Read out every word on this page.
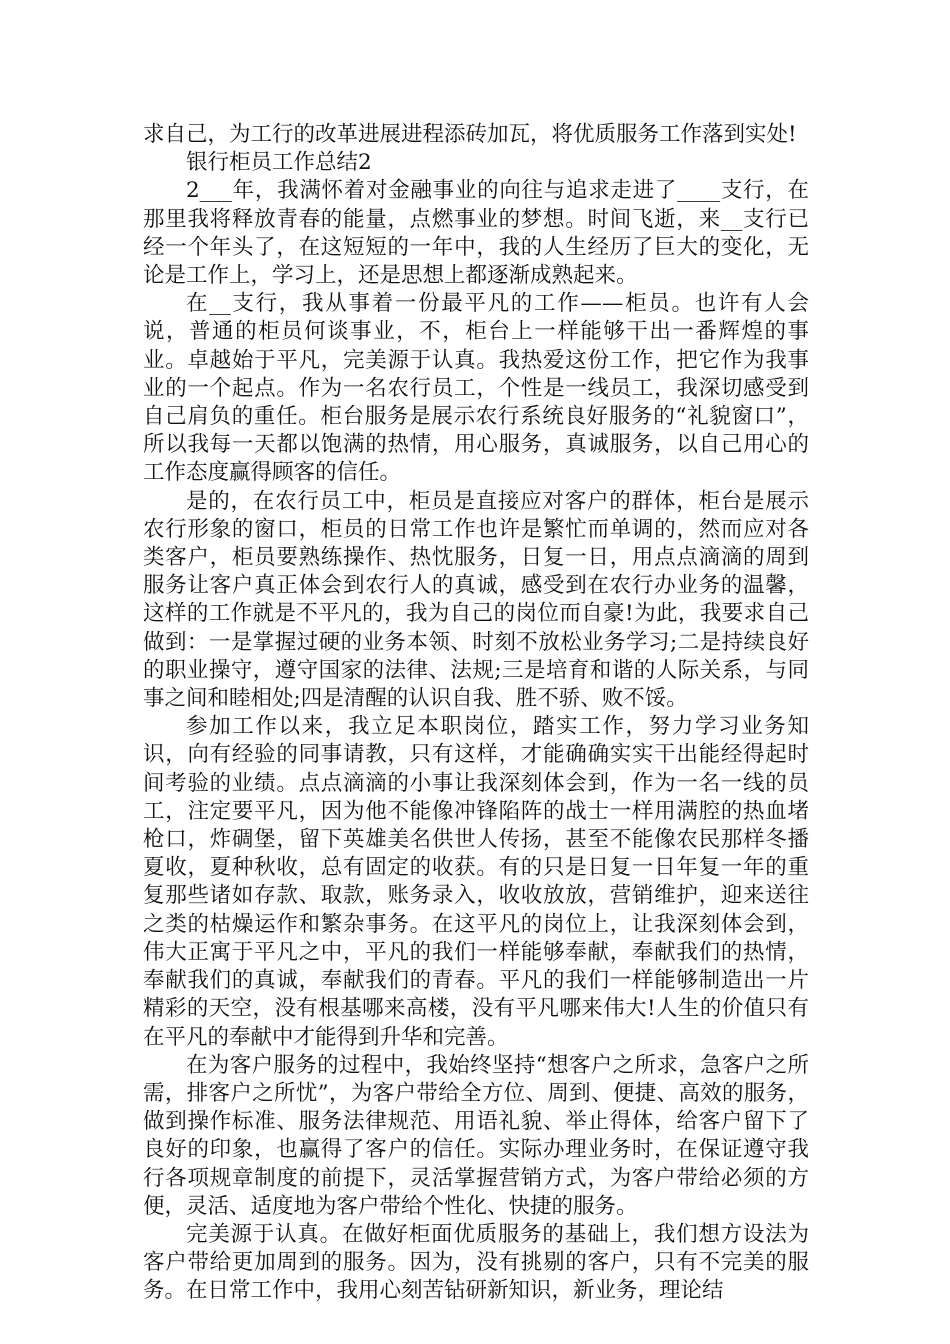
求自己，为工行的改革进展进程添砖加瓦，将优质服务工作落到实处!

银行柜员工作总结2

2___年，我满怀着对金融事业的向往与追求走进了____支行，在那里我将释放青春的能量，点燃事业的梦想。时间飞逝，来__支行已经一个年头了，在这短短的一年中，我的人生经历了巨大的变化，无论是工作上，学习上，还是思想上都逐渐成熟起来。

在__支行，我从事着一份最平凡的工作——柜员。也许有人会说，普通的柜员何谈事业，不，柜台上一样能够干出一番辉煌的事业。卓越始于平凡，完美源于认真。我热爱这份工作，把它作为我事业的一个起点。作为一名农行员工，个性是一线员工，我深切感受到自己肩负的重任。柜台服务是展示农行系统良好服务的“礼貌窗口”，所以我每一天都以饱满的热情，用心服务，真诚服务，以自己用心的工作态度赢得顾客的信任。

是的，在农行员工中，柜员是直接应对客户的群体，柜台是展示农行形象的窗口，柜员的日常工作也许是繁忙而单调的，然而应对各类客户，柜员要熟练操作、热忱服务，日复一日，用点点滴滴的周到服务让客户真正体会到农行人的真诚，感受到在农行办业务的温馨，这样的工作就是不平凡的，我为自己的岗位而自豪!为此，我要求自己做到：一是掌握过硬的业务本领、时刻不放松业务学习;二是持续良好的职业操守，遵守国家的法律、法规;三是培育和谐的人际关系，与同事之间和睦相处;四是清醒的认识自我、胜不骄、败不馁。

参加工作以来，我立足本职岗位，踏实工作，努力学习业务知识，向有经验的同事请教，只有这样，才能确确实实干出能经得起时间考验的业绩。点点滴滴的小事让我深刻体会到，作为一名一线的员工，注定要平凡，因为他不能像冲锋陷阵的战士一样用满腔的热血堵枪口，炸碉堡，留下英雄美名供世人传扬，甚至不能像农民那样冬播夏收，夏种秋收，总有固定的收获。有的只是日复一日年复一年的重复那些诸如存款、取款，账务录入，收收放放，营销维护，迎来送往之类的枯燥运作和繁杂事务。在这平凡的岗位上，让我深刻体会到，伟大正寓于平凡之中，平凡的我们一样能够奉献，奉献我们的热情，奉献我们的真诚，奉献我们的青春。平凡的我们一样能够制造出一片精彩的天空，没有根基哪来高楼，没有平凡哪来伟大!人生的价值只有在平凡的奉献中才能得到升华和完善。

在为客户服务的过程中，我始终坚持“想客户之所求，急客户之所需，排客户之所忧”，为客户带给全方位、周到、便捷、高效的服务，做到操作标准、服务法律规范、用语礼貌、举止得体，给客户留下了良好的印象，也赢得了客户的信任。实际办理业务时，在保证遵守我行各项规章制度的前提下，灵活掌握营销方式，为客户带给必须的方便，灵活、适度地为客户带给个性化、快捷的服务。

完美源于认真。在做好柜面优质服务的基础上，我们想方设法为客户带给更加周到的服务。因为，没有挑剔的客户，只有不完美的服务。在日常工作中，我用心刻苦钻研新知识，新业务，理论结
